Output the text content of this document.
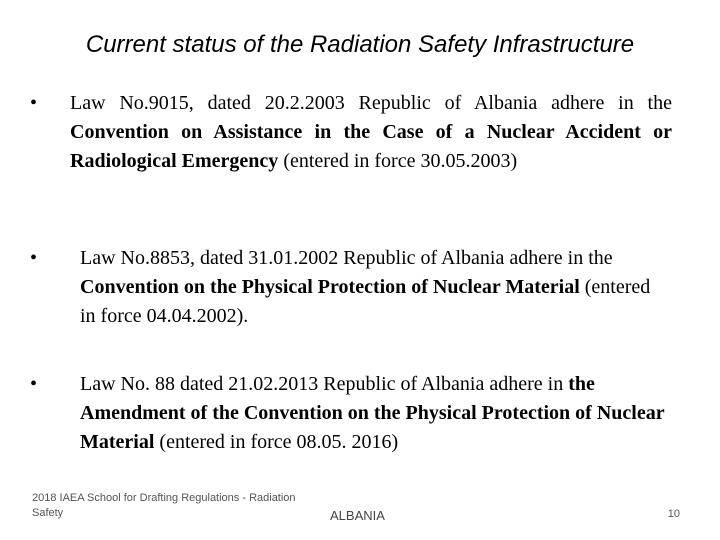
Current status of the Radiation Safety Infrastructure
• Law No.9015, dated 20.2.2003 Republic of Albania adhere in the Convention on Assistance in the Case of a Nuclear Accident or Radiological Emergency (entered in force 30.05.2003)
• Law No.8853, dated 31.01.2002 Republic of Albania adhere in the Convention on the Physical Protection of Nuclear Material (entered in force 04.04.2002).
• Law No. 88 dated 21.02.2013 Republic of Albania adhere in the Amendment of the Convention on the Physical Protection of Nuclear Material (entered in force 08.05. 2016)
2018 IAEA School for Drafting Regulations - Radiation Safety	ALBANIA	10
